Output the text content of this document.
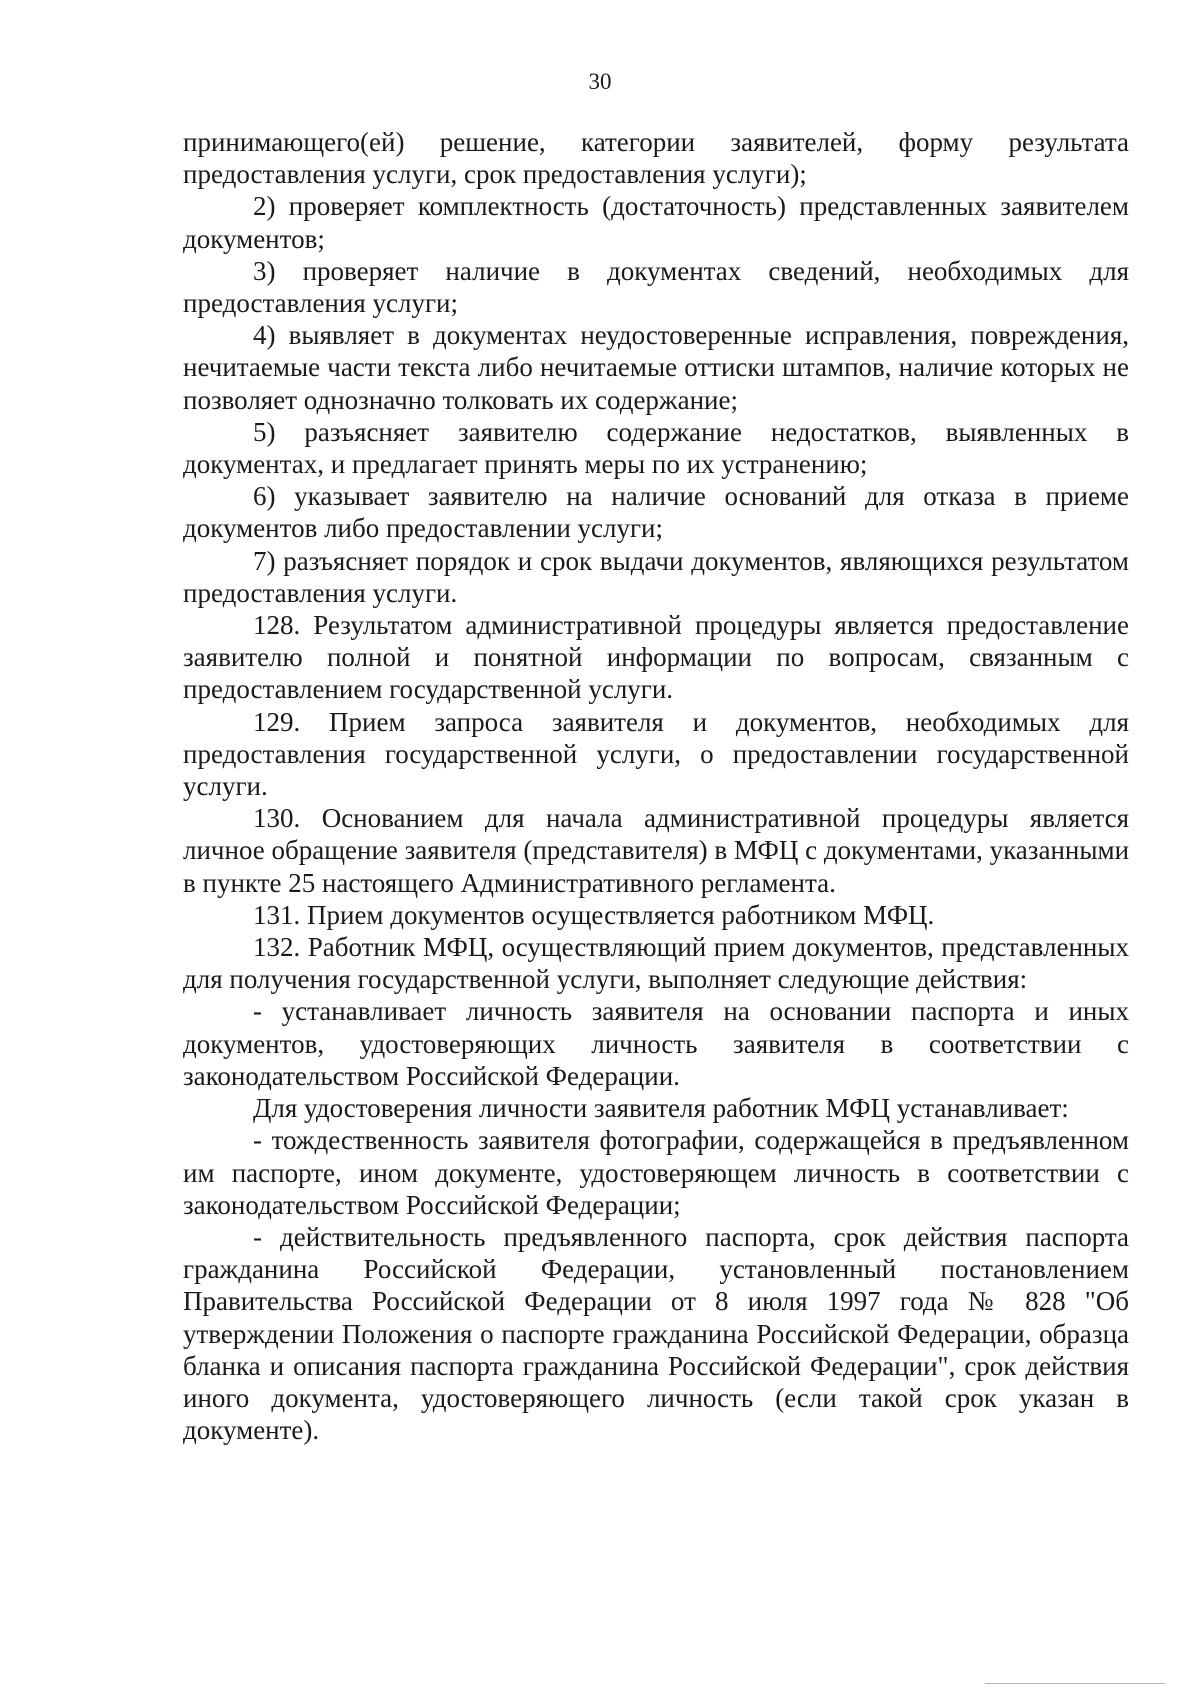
30

принимающего(ей) решение, категории заявителей, форму результата предоставления услуги, срок предоставления услуги);

2) проверяет комплектность (достаточность) представленных заявителем документов;

3) проверяет наличие в документах сведений, необходимых для предоставления услуги;

4) выявляет в документах неудостоверенные исправления, повреждения, нечитаемые части текста либо нечитаемые оттиски штампов, наличие которых не позволяет однозначно толковать их содержание;

5) разъясняет заявителю содержание недостатков, выявленных в документах, и предлагает принять меры по их устранению;

6) указывает заявителю на наличие оснований для отказа в приеме документов либо предоставлении услуги;

7) разъясняет порядок и срок выдачи документов, являющихся результатом предоставления услуги.

128. Результатом административной процедуры является предоставление заявителю полной и понятной информации по вопросам, связанным с предоставлением государственной услуги.

129. Прием запроса заявителя и документов, необходимых для предоставления государственной услуги, о предоставлении государственной услуги.

130. Основанием для начала административной процедуры является личное обращение заявителя (представителя) в МФЦ с документами, указанными в пункте 25 настоящего Административного регламента.

131. Прием документов осуществляется работником МФЦ.

132. Работник МФЦ, осуществляющий прием документов, представленных для получения государственной услуги, выполняет следующие действия:

- устанавливает личность заявителя на основании паспорта и иных документов, удостоверяющих личность заявителя в соответствии с законодательством Российской Федерации.

Для удостоверения личности заявителя работник МФЦ устанавливает:

- тождественность заявителя фотографии, содержащейся в предъявленном им паспорте, ином документе, удостоверяющем личность в соответствии с законодательством Российской Федерации;

- действительность предъявленного паспорта, срок действия паспорта гражданина Российской Федерации, установленный постановлением Правительства Российской Федерации от 8 июля 1997 года № 828 "Об утверждении Положения о паспорте гражданина Российской Федерации, образца бланка и описания паспорта гражданина Российской Федерации", срок действия иного документа, удостоверяющего личность (если такой срок указан в документе).
